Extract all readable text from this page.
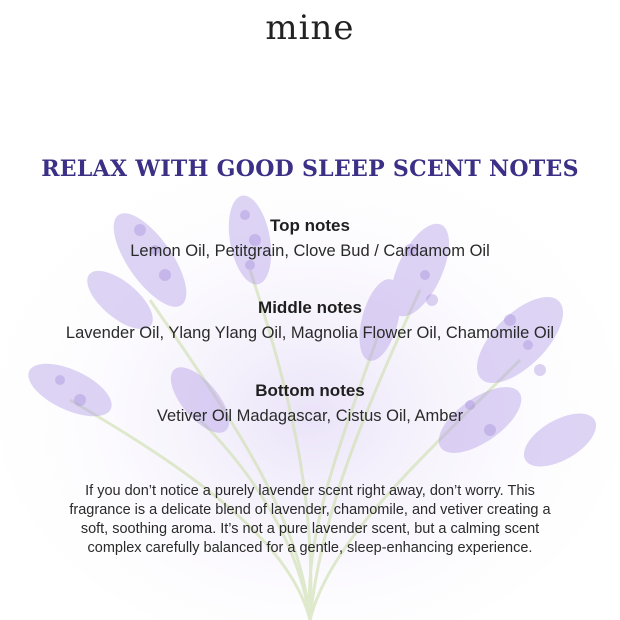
mine
RELAX WITH GOOD SLEEP SCENT NOTES
Top notes
Lemon Oil, Petitgrain, Clove Bud / Cardamom Oil
Middle notes
Lavender Oil, Ylang Ylang Oil, Magnolia Flower Oil, Chamomile Oil
Bottom notes
Vetiver Oil Madagascar, Cistus Oil, Amber
If you don’t notice a purely lavender scent right away, don’t worry. This fragrance is a delicate blend of lavender, chamomile, and vetiver creating a soft, soothing aroma. It’s not a pure lavender scent, but a calming scent complex carefully balanced for a gentle, sleep-enhancing experience.
